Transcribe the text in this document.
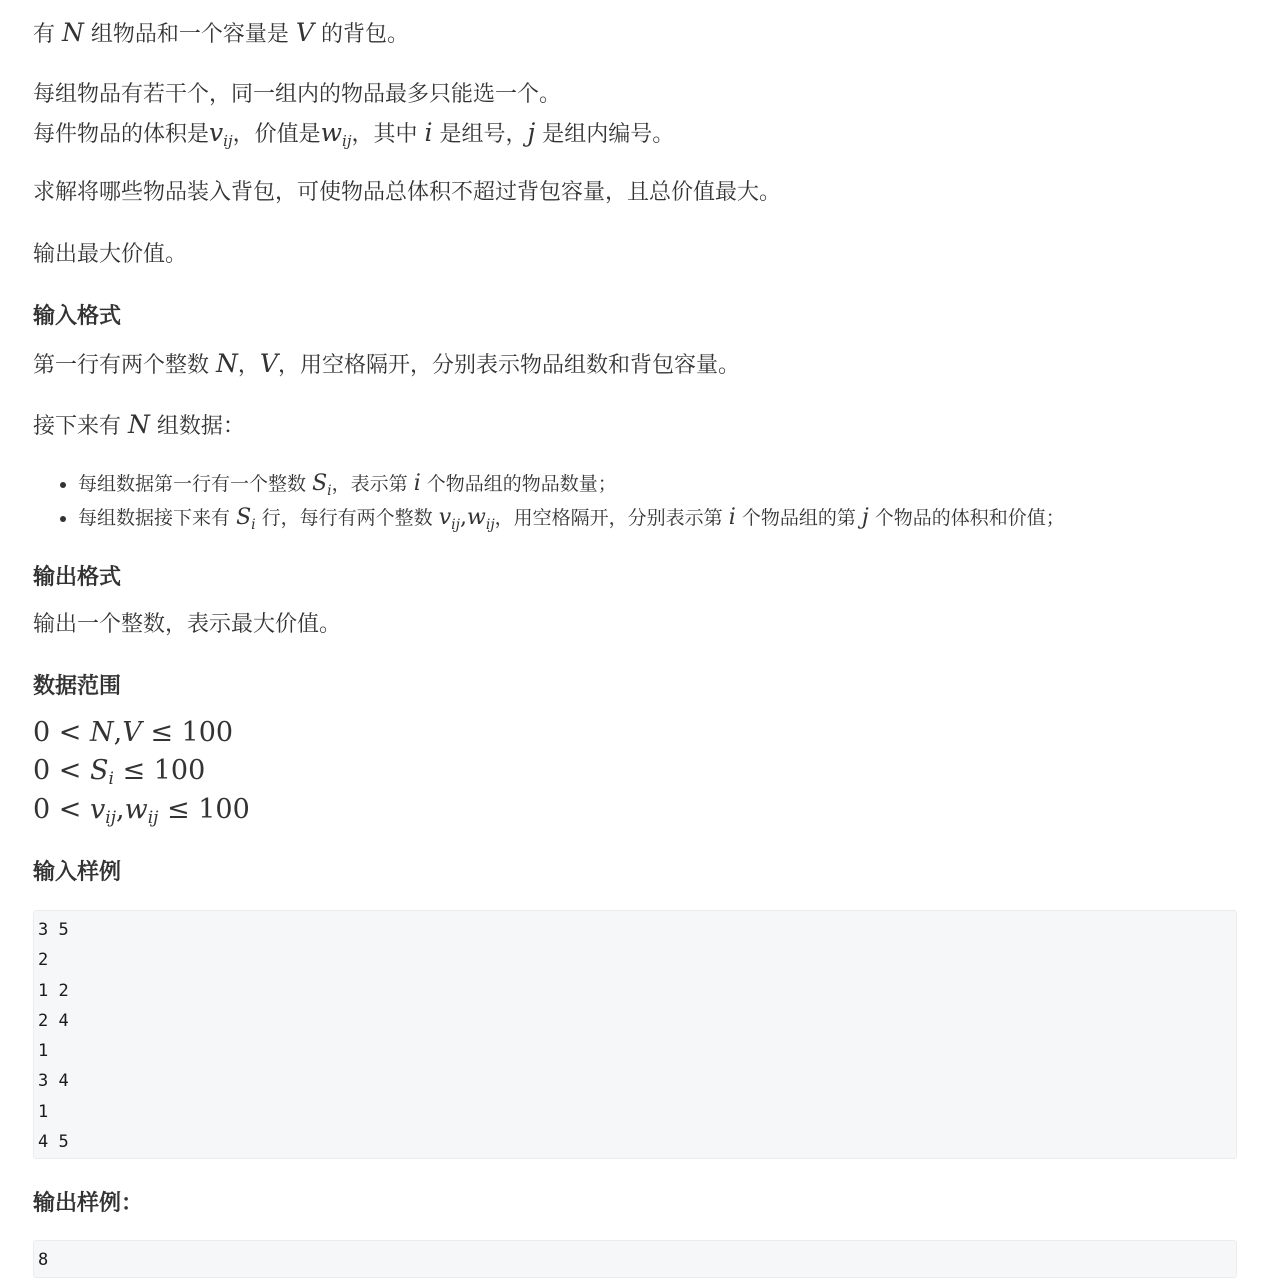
有 N 组物品和一个容量是 V 的背包。

每组物品有若干个，同一组内的物品最多只能选一个。

每件物品的体积是$v_{ij}$，价值是$w_{ij}$，其中 i 是组号，j 是组内编号。

求解将哪些物品装入背包，可使物品总体积不超过背包容量，且总价值最大。

输出最大价值。

输入格式

第一行有两个整数 N，V，用空格隔开，分别表示物品组数和背包容量。

接下来有 N 组数据：

• 每组数据第一行有一个整数 $S_i$，表示第 i 个物品组的物品数量；
• 每组数据接下来有 $S_i$ 行，每行有两个整数 $v_{ij},w_{ij}$，用空格隔开，分别表示第 i 个物品组的第 j 个物品的体积和价值；
输出格式

输出一个整数，表示最大价值。

数据范围
0 < N,V ≤ 100
$0 < S_i \le 100$
$0 < v_{ij},w_{ij} \le 100$
输入样例
输出样例：
3 5
2
1 2
2 4
1
3 4
1
4 5
8
